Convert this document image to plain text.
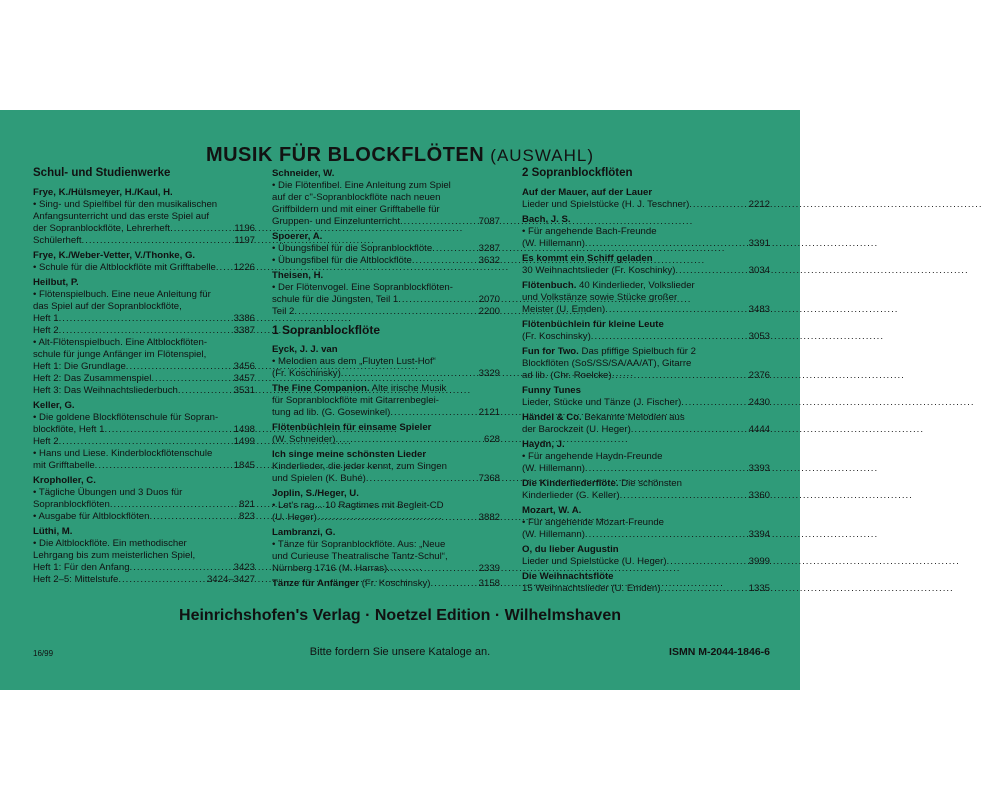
MUSIK FÜR BLOCKFLÖTEN (AUSWAHL)
Schul- und Studienwerke
Frye, K./Hülsmeyer, H./Kaul, H.
• Sing- und Spielfibel für den musikalischen
Anfangsunterricht und das erste Spiel auf
der Sopranblockflöte, Lehrerheft .....	1196
Schülerheft .....	1197
Frye, K./Weber-Vetter, V./Thonke, G.
• Schule für die Altblockflöte mit Grifftabelle ..... 1226
Heilbut, P.
• Flötenspielbuch. Eine neue Anleitung für
das Spiel auf der Sopranblockflöte,
Heft 1 .....	3386
Heft 2 .....	3387
• Alt-Flötenspielbuch. Eine Altblockflöten-
schule für junge Anfänger im Flötenspiel,
Heft 1: Die Grundlage .....	3456
Heft 2: Das Zusammenspiel .....	3457
Heft 3: Das Weihnachtsliederbuch .....	3531
Keller, G.
• Die goldene Blockflötenschule für Sopran-
blockflöte, Heft 1 .....	1498
Heft 2 .....	1499
• Hans und Liese. Kinderblockflötenschule
mit Grifftabelle .....	1845
Kropholler, C.
• Tägliche Übungen und 3 Duos für
Sopranblockflöten .....	821
• Ausgabe für Altblockflöten .....	823
Lüthi, M.
• Die Altblockflöte. Ein methodischer
Lehrgang bis zum meisterlichen Spiel,
Heft 1: Für den Anfang .....	3423
Heft 2–5: Mittelstufe .....	3424–3427
Schneider, W.
• Die Flötenfibel. Eine Anleitung zum Spiel
auf der c''-Sopranblockflöte nach neuen
Griffbildern und mit einer Grifftabelle für
Gruppen- und Einzelunterricht .....	7087
Spoerer, A.
• Übungsfibel für die Sopranblockflöte .....	3287
• Übungsfibel für die Altblockflöte .....	3632
Theisen, H.
• Der Flötenvogel. Eine Sopranblockflöten-
schule für die Jüngsten, Teil 1 .....	2070
Teil 2 .....	2200
1 Sopranblockflöte
Eyck, J. J. van
• Melodien aus dem „Fluyten Lust-Hof“
(Fr. Koschinsky) .....	3329
The Fine Companion. Alte irische Musik
für Sopranblockflöte mit Gitarrenbeglei-
tung ad lib. (G. Gosewinkel) .....	2121
Flötenbüchlein für einsame Spieler
(W. Schneider) .....	628
Ich singe meine schönsten Lieder
Kinderlieder, die jeder kennt, zum Singen
und Spielen (K. Buhé) .....	7368
Joplin, S./Heger, U.
• Let's rag... 10 Ragtimes mit Begleit-CD
(U. Heger) .....	3882
Lambranzi, G.
• Tänze für Sopranblockflöte. Aus: „Neue
und Curieuse Theatralische Tantz-Schul“,
Nürnberg 1716 (M. Harras) .....	2339
Tänze für Anfänger (Fr. Koschinsky) .....	3158
2 Sopranblockflöten
Auf der Mauer, auf der Lauer
Lieder und Spielstücke (H. J. Teschner) .....	2212
Bach, J. S.
• Für angehende Bach-Freunde
(W. Hillemann) .....	3391
Es kommt ein Schiff geladen
30 Weihnachtslieder (Fr. Koschinky) .....	3034
Flötenbuch. 40 Kinderlieder, Volkslieder
und Volkstänze sowie Stücke großer
Meister (U. Emden) .....	3483
Flötenbüchlein für kleine Leute
(Fr. Koschinsky) .....	3053
Fun for Two. Das pfiffige Spielbuch für 2
Blockflöten (SoS/SS/SA/AA/AT), Gitarre
ad lib. (Chr. Roelcke) .....	2376
Funny Tunes
Lieder, Stücke und Tänze (J. Fischer) .....	2430
Händel & Co. Bekannte Melodien aus
der Barockzeit (U. Heger) .....	4444
Haydn, J.
• Für angehende Haydn-Freunde
(W. Hillemann) .....	3393
Die Kinderliederflöte. Die schönsten
Kinderlieder (G. Keller) .....	3360
Mozart, W. A.
• Für angehende Mozart-Freunde
(W. Hillemann) .....	3394
O, du lieber Augustin
Lieder und Spielstücke (U. Heger) .....	3999
Die Weihnachtsflöte
15 Weihnachtslieder (U. Emden) .....	1335
Heinrichshofen's Verlag · Noetzel Edition · Wilhelmshaven
16/99	Bitte fordern Sie unsere Kataloge an.	ISMN M-2044-1846-6
